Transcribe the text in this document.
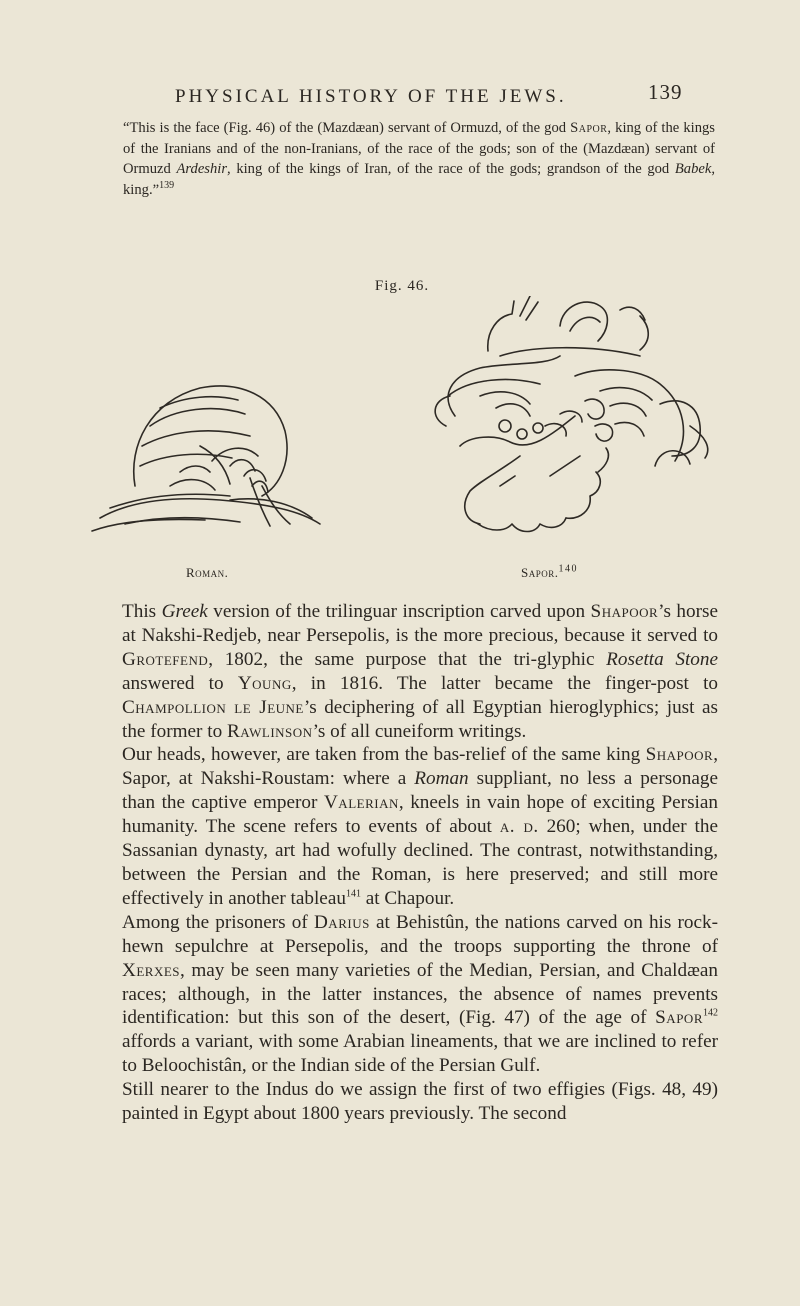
PHYSICAL HISTORY OF THE JEWS.	139
“This is the face (Fig. 46) of the (Mazdæan) servant of Ormuzd, of the god Sapor, king of the kings of the Iranians and of the non-Iranians, of the race of the gods; son of the (Mazdæan) servant of Ormuzd Ardeshir, king of the kings of Iran, of the race of the gods; grandson of the god Babek, king.”$^{139}$
Fig. 46.
Roman.	Sapor.$^{140}$

This Greek version of the trilinguar inscription carved upon Shapoor’s horse at Nakshi-Redjeb, near Persepolis, is the more precious, because it served to Grotefend, 1802, the same purpose that the tri-glyphic Rosetta Stone answered to Young, in 1816. The latter became the finger-post to Champollion le Jeune’s deciphering of all Egyptian hieroglyphics; just as the former to Rawlinson’s of all cuneiform writings.

Our heads, however, are taken from the bas-relief of the same king Shapoor, Sapor, at Nakshi-Roustam: where a Roman suppliant, no less a personage than the captive emperor Valerian, kneels in vain hope of exciting Persian humanity. The scene refers to events of about a. d. 260; when, under the Sassanian dynasty, art had wofully declined. The contrast, notwithstanding, between the Persian and the Roman, is here preserved; and still more effectively in another tableau$^{141}$ at Chapour.

Among the prisoners of Darius at Behistûn, the nations carved on his rock-hewn sepulchre at Persepolis, and the troops supporting the throne of Xerxes, may be seen many varieties of the Median, Persian, and Chaldæan races; although, in the latter instances, the absence of names prevents identification: but this son of the desert, (Fig. 47) of the age of Sapor$^{142}$ affords a variant, with some Arabian lineaments, that we are inclined to refer to Beloochistân, or the Indian side of the Persian Gulf.

Still nearer to the Indus do we assign the first of two effigies (Figs. 48, 49) painted in Egypt about 1800 years previously. The second
